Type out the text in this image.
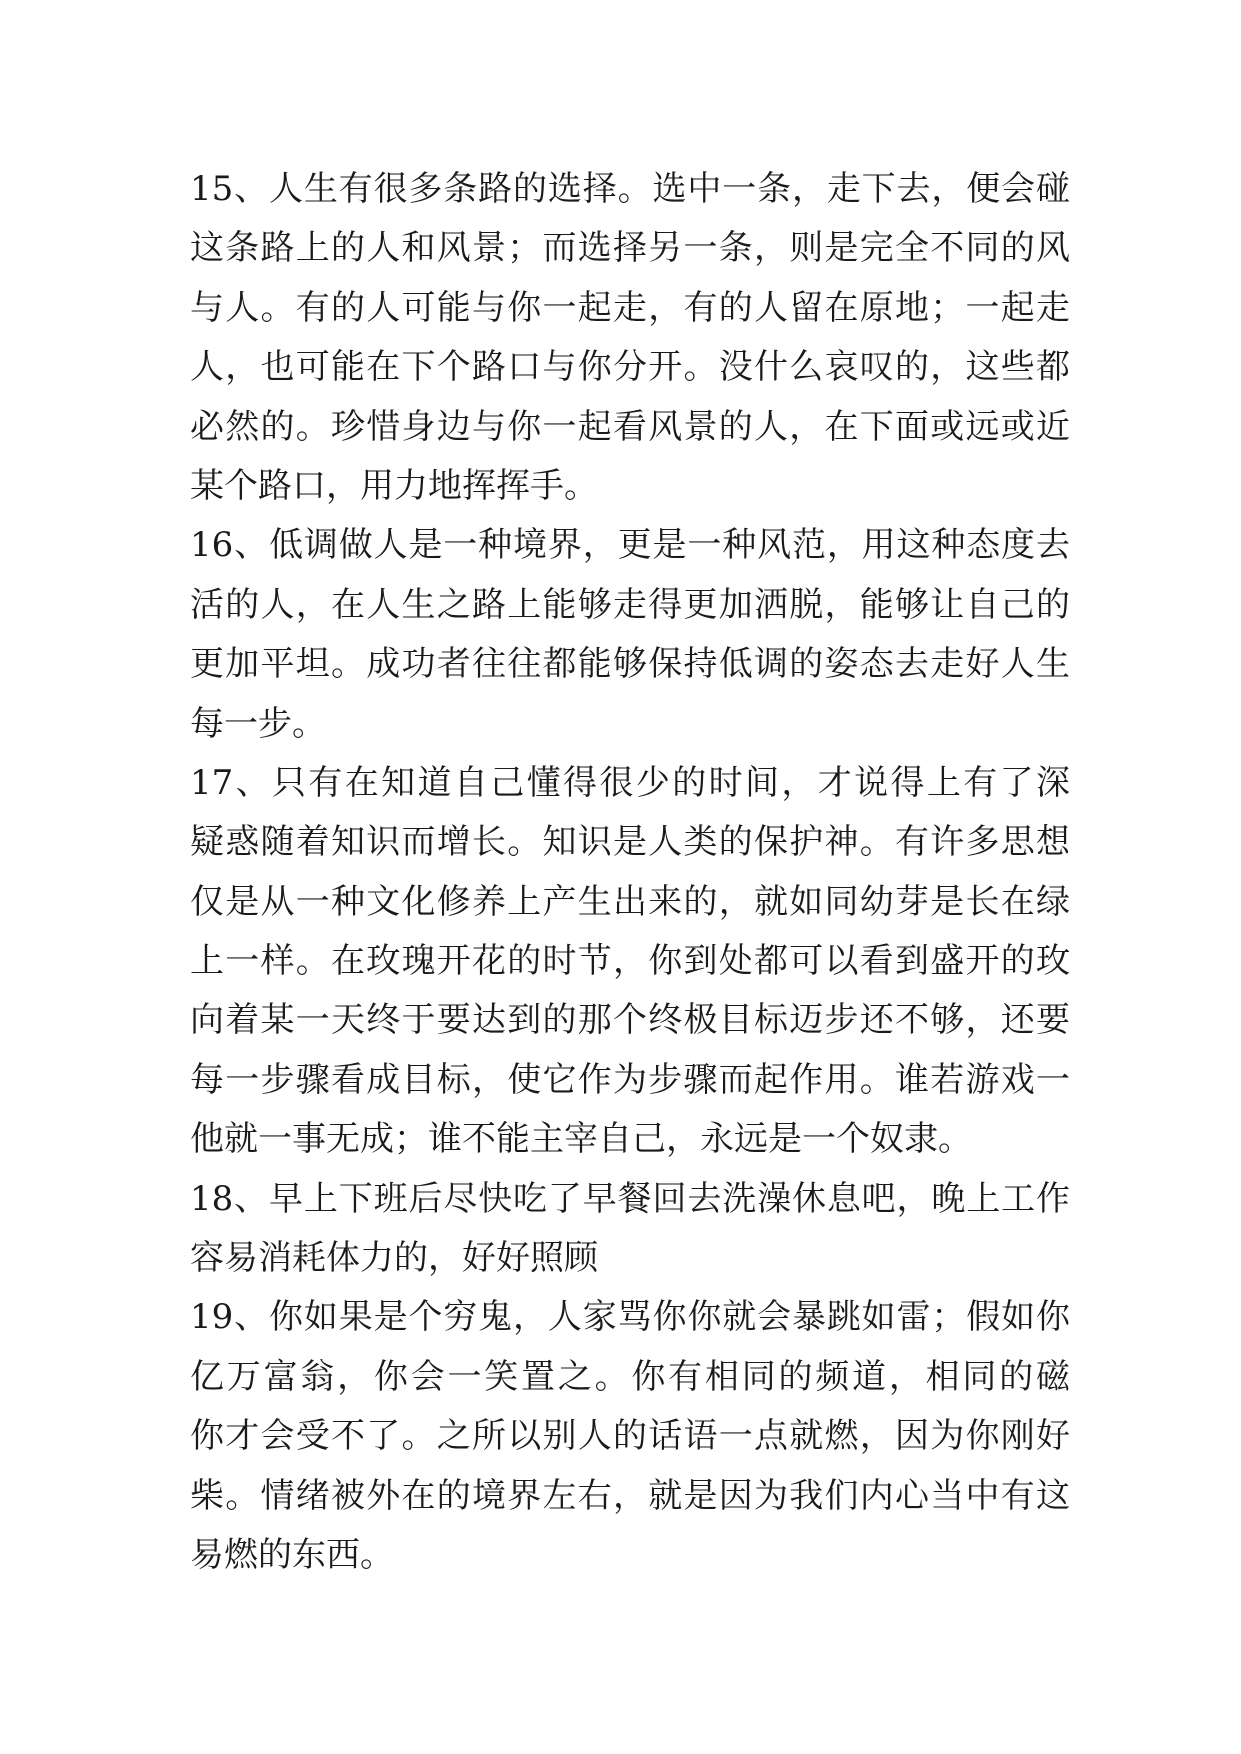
15、人生有很多条路的选择。选中一条，走下去，便会碰
这条路上的人和风景；而选择另一条，则是完全不同的风
与人。有的人可能与你一起走，有的人留在原地；一起走
人，也可能在下个路口与你分开。没什么哀叹的，这些都
必然的。珍惜身边与你一起看风景的人，在下面或远或近
某个路口，用力地挥挥手。
16、低调做人是一种境界，更是一种风范，用这种态度去
活的人，在人生之路上能够走得更加洒脱，能够让自己的
更加平坦。成功者往往都能够保持低调的姿态去走好人生
每一步。
17、只有在知道自己懂得很少的时间，才说得上有了深
疑惑随着知识而增长。知识是人类的保护神。有许多思想
仅是从一种文化修养上产生出来的，就如同幼芽是长在绿
上一样。在玫瑰开花的时节，你到处都可以看到盛开的玫
向着某一天终于要达到的那个终极目标迈步还不够，还要
每一步骤看成目标，使它作为步骤而起作用。谁若游戏一
他就一事无成；谁不能主宰自己，永远是一个奴隶。
18、早上下班后尽快吃了早餐回去洗澡休息吧，晚上工作
容易消耗体力的，好好照顾
19、你如果是个穷鬼，人家骂你你就会暴跳如雷；假如你
亿万富翁，你会一笑置之。你有相同的频道，相同的磁
你才会受不了。之所以别人的话语一点就燃，因为你刚好
柴。情绪被外在的境界左右，就是因为我们内心当中有这
易燃的东西。
